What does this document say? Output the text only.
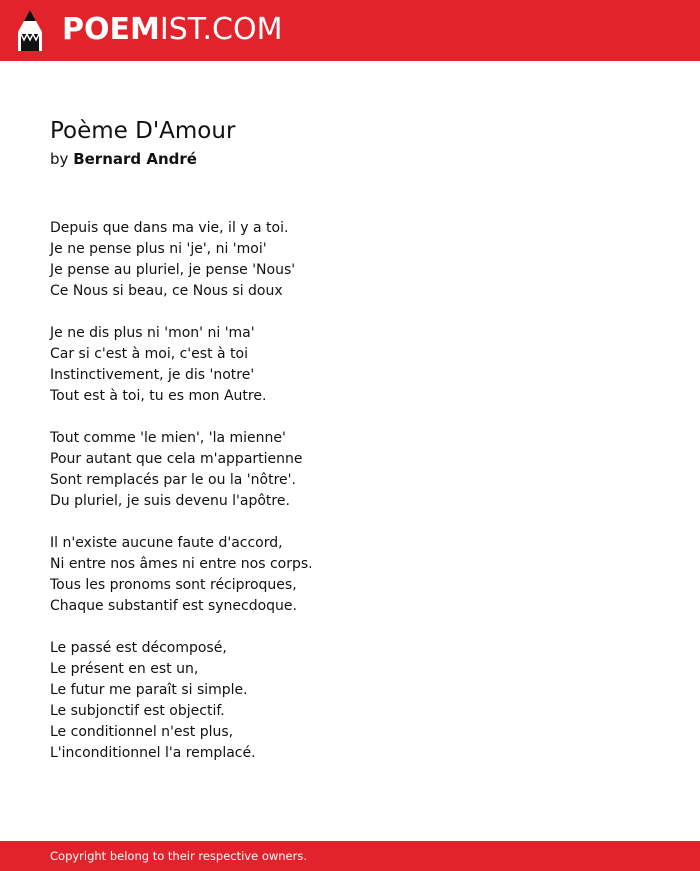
POEMIST.COM
Poème D'Amour
by Bernard André
Depuis que dans ma vie, il y a toi.
Je ne pense plus ni 'je', ni 'moi'
Je pense au pluriel, je pense 'Nous'
Ce Nous si beau, ce Nous si doux
Je ne dis plus ni 'mon' ni 'ma'
Car si c'est à moi, c'est à toi
Instinctivement, je dis 'notre'
Tout est à toi, tu es mon Autre.
Tout comme 'le mien', 'la mienne'
Pour autant que cela m'appartienne
Sont remplacés par le ou la 'nôtre'.
Du pluriel, je suis devenu l'apôtre.
Il n'existe aucune faute d'accord,
Ni entre nos âmes ni entre nos corps.
Tous les pronoms sont réciproques,
Chaque substantif est synecdoque.
Le passé est décomposé,
Le présent en est un,
Le futur me paraît si simple.
Le subjonctif est objectif.
Le conditionnel n'est plus,
L'inconditionnel l'a remplacé.
Copyright belong to their respective owners.
